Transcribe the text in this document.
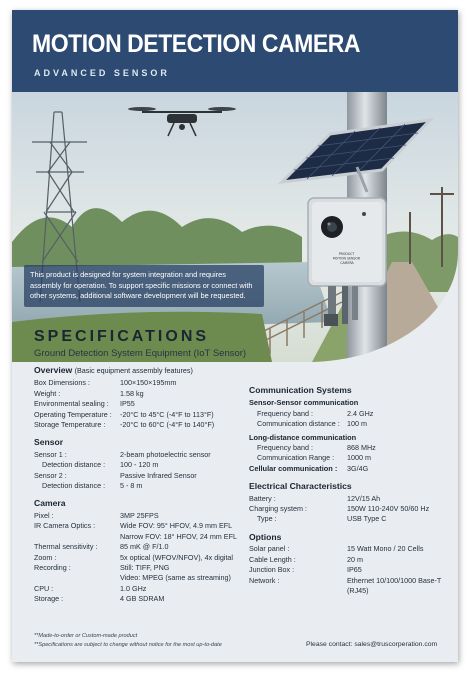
MOTION DETECTION CAMERA
ADVANCED SENSOR
PRODUCT MOTION SENSOR CAMERA
This product is designed for system integration and requires assembly for operation. To support specific missions or connect with other systems, additional software development will be requested.
SPECIFICATIONS
Ground Detection System Equipment (IoT Sensor)
Overview (Basic equipment assembly features)
Box Dimensions :	100×150×195mm
Weight :	1.58 kg
Environmental sealing :	IP55
Operating Temperature :	-20°C to 45°C (-4°F to 113°F)
Storage Temperature :	-20°C to 60°C (-4°F to 140°F)
Sensor
Sensor 1 :	2-beam photoelectric sensor
Detection distance :	100 - 120 m
Sensor 2 :	Passive Infrared Sensor
Detection distance :	5 - 8 m
Camera
Pixel :	3MP 25FPS
IR Camera Optics :	Wide FOV: 95° HFOV, 4.9 mm EFL
Narrow FOV: 18° HFOV, 24 mm EFL
Thermal sensitivity :	85 mK @ F/1.0
Zoom :	5x optical (WFOV/NFOV), 4x digital
Recording :	Still: TIFF, PNG
Video: MPEG (same as streaming)
CPU :	1.0 GHz
Storage :	4 GB SDRAM
Communication Systems
Sensor-Sensor communication
Frequency band :	2.4 GHz
Communication distance :	100 m
Long-distance communication
Frequency band :	868 MHz
Communication Range :	1000 m
Cellular communication :	3G/4G
Electrical Characteristics
Battery :	12V/15 Ah
Charging system :	150W 110-240V 50/60 Hz
Type :	USB Type C
Options
Solar panel :	15 Watt Mono / 20 Cells
Cable Length :	20 m
Junction Box :	IP65
Network :	Ethernet 10/100/1000 Base-T
(RJ45)
**Made-to-order or Custom-made product
**Specifications are subject to change without notice for the most up-to-date	Please contact: sales@truscorperation.com
